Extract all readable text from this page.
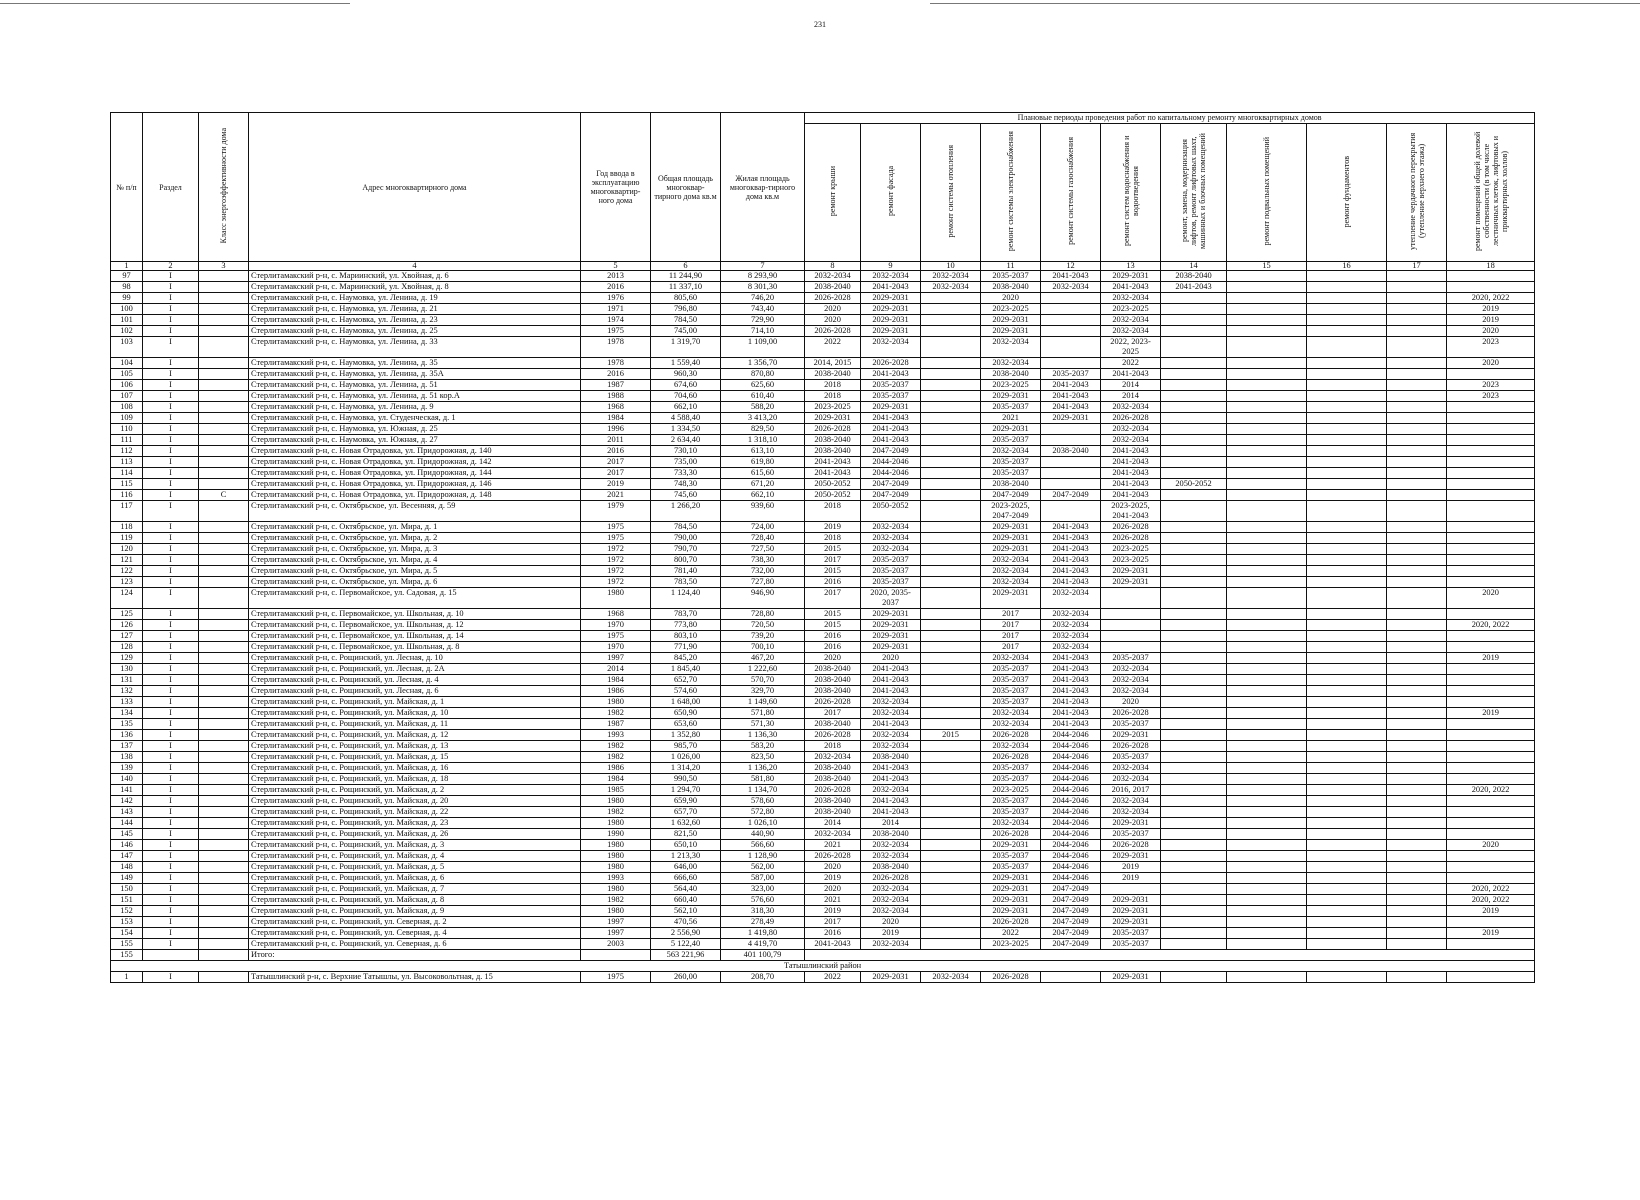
231
№ п/п	Раздел	Класс энергоэффективности дома	Адрес многоквартирного дома	Год ввода в эксплуатацию многоквартир-ного дома	Общая площадь многоквар-тирного дома кв.м	Жилая площадь многоквар-тирного дома кв.м	Плановые периоды проведения работ по капитальному ремонту многоквартирных домов										
							ремонт крыши	ремонт фасада	ремонт системы отопления	ремонт системы электроснабжения	ремонт системы газоснабжения	ремонт систем водоснабжения и водоотведения	ремонт, замена, модернизация лифтов, ремонт лифтовых шахт, машинных и блочных помещений	ремонт подвальных помещений	ремонт фундаментов	утепление чердачного перекрытия (утепление верхнего этажа)	ремонт помещений общей долевой собственности (в том числе лестничных клеток, лифтовых и приквартирных холлов)
1	2	3	4	5	6	7	8	9	10	11	12	13	14	15	16	17	18
97	I		Стерлитамакский р-н, с. Мариинский, ул. Хвойная, д. 6	2013	11 244,90	8 293,90	2032-2034	2032-2034	2032-2034	2035-2037	2041-2043	2029-2031	2038-2040				
98	I		Стерлитамакский р-н, с. Мариинский, ул. Хвойная, д. 8	2016	11 337,10	8 301,30	2038-2040	2041-2043	2032-2034	2038-2040	2032-2034	2041-2043	2041-2043				
99	I		Стерлитамакский р-н, с. Наумовка, ул. Ленина, д. 19	1976	805,60	746,20	2026-2028	2029-2031		2020		2032-2034					2020, 2022
100	I		Стерлитамакский р-н, с. Наумовка, ул. Ленина, д. 21	1971	796,80	743,40	2020	2029-2031		2023-2025		2023-2025					2019
101	I		Стерлитамакский р-н, с. Наумовка, ул. Ленина, д. 23	1974	784,50	729,90	2020	2029-2031		2029-2031		2032-2034					2019
102	I		Стерлитамакский р-н, с. Наумовка, ул. Ленина, д. 25	1975	745,00	714,10	2026-2028	2029-2031		2029-2031		2032-2034					2020
103	I		Стерлитамакский р-н, с. Наумовка, ул. Ленина, д. 33	1978	1 319,70	1 109,00	2022	2032-2034		2032-2034		2022, 2023-2025					2023
104	I		Стерлитамакский р-н, с. Наумовка, ул. Ленина, д. 35	1978	1 559,40	1 356,70	2014, 2015	2026-2028		2032-2034		2022					2020
105	I		Стерлитамакский р-н, с. Наумовка, ул. Ленина, д. 35А	2016	960,30	870,80	2038-2040	2041-2043		2038-2040	2035-2037	2041-2043					
106	I		Стерлитамакский р-н, с. Наумовка, ул. Ленина, д. 51	1987	674,60	625,60	2018	2035-2037		2023-2025	2041-2043	2014					2023
107	I		Стерлитамакский р-н, с. Наумовка, ул. Ленина, д. 51 кор.А	1988	704,60	610,40	2018	2035-2037		2029-2031	2041-2043	2014					2023
108	I		Стерлитамакский р-н, с. Наумовка, ул. Ленина, д. 9	1968	662,10	588,20	2023-2025	2029-2031		2035-2037	2041-2043	2032-2034					
109	I		Стерлитамакский р-н, с. Наумовка, ул. Студенческая, д. 1	1984	4 588,40	3 413,20	2029-2031	2041-2043		2021	2029-2031	2026-2028					
110	I		Стерлитамакский р-н, с. Наумовка, ул. Южная, д. 25	1996	1 334,50	829,50	2026-2028	2041-2043		2029-2031		2032-2034					
111	I		Стерлитамакский р-н, с. Наумовка, ул. Южная, д. 27	2011	2 634,40	1 318,10	2038-2040	2041-2043		2035-2037		2032-2034					
112	I		Стерлитамакский р-н, с. Новая Отрадовка, ул. Придорожная, д. 140	2016	730,10	613,10	2038-2040	2047-2049		2032-2034	2038-2040	2041-2043					
113	I		Стерлитамакский р-н, с. Новая Отрадовка, ул. Придорожная, д. 142	2017	735,00	619,80	2041-2043	2044-2046		2035-2037		2041-2043					
114	I		Стерлитамакский р-н, с. Новая Отрадовка, ул. Придорожная, д. 144	2017	733,30	615,60	2041-2043	2044-2046		2035-2037		2041-2043					
115	I		Стерлитамакский р-н, с. Новая Отрадовка, ул. Придорожная, д. 146	2019	748,30	671,20	2050-2052	2047-2049		2038-2040		2041-2043	2050-2052				
116	I	C	Стерлитамакский р-н, с. Новая Отрадовка, ул. Придорожная, д. 148	2021	745,60	662,10	2050-2052	2047-2049		2047-2049	2047-2049	2041-2043					
117	I		Стерлитамакский р-н, с. Октябрьское, ул. Весенняя, д. 59	1979	1 266,20	939,60	2018	2050-2052		2023-2025, 2047-2049		2023-2025, 2041-2043					
118	I		Стерлитамакский р-н, с. Октябрьское, ул. Мира, д. 1	1975	784,50	724,00	2019	2032-2034		2029-2031	2041-2043	2026-2028					
119	I		Стерлитамакский р-н, с. Октябрьское, ул. Мира, д. 2	1975	790,00	728,40	2018	2032-2034		2029-2031	2041-2043	2026-2028					
120	I		Стерлитамакский р-н, с. Октябрьское, ул. Мира, д. 3	1972	790,70	727,50	2015	2032-2034		2029-2031	2041-2043	2023-2025					
121	I		Стерлитамакский р-н, с. Октябрьское, ул. Мира, д. 4	1972	800,70	738,30	2017	2035-2037		2032-2034	2041-2043	2023-2025					
122	I		Стерлитамакский р-н, с. Октябрьское, ул. Мира, д. 5	1972	781,40	732,00	2015	2035-2037		2032-2034	2041-2043	2029-2031					
123	I		Стерлитамакский р-н, с. Октябрьское, ул. Мира, д. 6	1972	783,50	727,80	2016	2035-2037		2032-2034	2041-2043	2029-2031					
124	I		Стерлитамакский р-н, с. Первомайское, ул. Садовая, д. 15	1980	1 124,40	946,90	2017	2020, 2035-2037		2029-2031	2032-2034						2020
125	I		Стерлитамакский р-н, с. Первомайское, ул. Школьная, д. 10	1968	783,70	728,80	2015	2029-2031		2017	2032-2034						
126	I		Стерлитамакский р-н, с. Первомайское, ул. Школьная, д. 12	1970	773,80	720,50	2015	2029-2031		2017	2032-2034						2020, 2022
127	I		Стерлитамакский р-н, с. Первомайское, ул. Школьная, д. 14	1975	803,10	739,20	2016	2029-2031		2017	2032-2034						
128	I		Стерлитамакский р-н, с. Первомайское, ул. Школьная, д. 8	1970	771,90	700,10	2016	2029-2031		2017	2032-2034						
129	I		Стерлитамакский р-н, с. Рощинский, ул. Лесная, д. 10	1997	845,20	467,20	2020	2020		2032-2034	2041-2043	2035-2037					2019
130	I		Стерлитамакский р-н, с. Рощинский, ул. Лесная, д. 2А	2014	1 845,40	1 222,60	2038-2040	2041-2043		2035-2037	2041-2043	2032-2034					
131	I		Стерлитамакский р-н, с. Рощинский, ул. Лесная, д. 4	1984	652,70	570,70	2038-2040	2041-2043		2035-2037	2041-2043	2032-2034					
132	I		Стерлитамакский р-н, с. Рощинский, ул. Лесная, д. 6	1986	574,60	329,70	2038-2040	2041-2043		2035-2037	2041-2043	2032-2034					
133	I		Стерлитамакский р-н, с. Рощинский, ул. Майская, д. 1	1980	1 648,00	1 149,60	2026-2028	2032-2034		2035-2037	2041-2043	2020					
134	I		Стерлитамакский р-н, с. Рощинский, ул. Майская, д. 10	1982	650,90	571,80	2017	2032-2034		2032-2034	2041-2043	2026-2028					2019
135	I		Стерлитамакский р-н, с. Рощинский, ул. Майская, д. 11	1987	653,60	571,30	2038-2040	2041-2043		2032-2034	2041-2043	2035-2037					
136	I		Стерлитамакский р-н, с. Рощинский, ул. Майская, д. 12	1993	1 352,80	1 136,30	2026-2028	2032-2034	2015	2026-2028	2044-2046	2029-2031					
137	I		Стерлитамакский р-н, с. Рощинский, ул. Майская, д. 13	1982	985,70	583,20	2018	2032-2034		2032-2034	2044-2046	2026-2028					
138	I		Стерлитамакский р-н, с. Рощинский, ул. Майская, д. 15	1982	1 026,00	823,50	2032-2034	2038-2040		2026-2028	2044-2046	2035-2037					
139	I		Стерлитамакский р-н, с. Рощинский, ул. Майская, д. 16	1986	1 314,20	1 136,20	2038-2040	2041-2043		2035-2037	2044-2046	2032-2034					
140	I		Стерлитамакский р-н, с. Рощинский, ул. Майская, д. 18	1984	990,50	581,80	2038-2040	2041-2043		2035-2037	2044-2046	2032-2034					
141	I		Стерлитамакский р-н, с. Рощинский, ул. Майская, д. 2	1985	1 294,70	1 134,70	2026-2028	2032-2034		2023-2025	2044-2046	2016, 2017					2020, 2022
142	I		Стерлитамакский р-н, с. Рощинский, ул. Майская, д. 20	1980	659,90	578,60	2038-2040	2041-2043		2035-2037	2044-2046	2032-2034					
143	I		Стерлитамакский р-н, с. Рощинский, ул. Майская, д. 22	1982	657,70	572,80	2038-2040	2041-2043		2035-2037	2044-2046	2032-2034					
144	I		Стерлитамакский р-н, с. Рощинский, ул. Майская, д. 23	1980	1 632,60	1 026,10	2014	2014		2032-2034	2044-2046	2029-2031					
145	I		Стерлитамакский р-н, с. Рощинский, ул. Майская, д. 26	1990	821,50	440,90	2032-2034	2038-2040		2026-2028	2044-2046	2035-2037					
146	I		Стерлитамакский р-н, с. Рощинский, ул. Майская, д. 3	1980	650,10	566,60	2021	2032-2034		2029-2031	2044-2046	2026-2028					2020
147	I		Стерлитамакский р-н, с. Рощинский, ул. Майская, д. 4	1980	1 213,30	1 128,90	2026-2028	2032-2034		2035-2037	2044-2046	2029-2031					
148	I		Стерлитамакский р-н, с. Рощинский, ул. Майская, д. 5	1980	646,00	562,00	2020	2038-2040		2035-2037	2044-2046	2019					
149	I		Стерлитамакский р-н, с. Рощинский, ул. Майская, д. 6	1993	666,60	587,00	2019	2026-2028		2029-2031	2044-2046	2019					
150	I		Стерлитамакский р-н, с. Рощинский, ул. Майская, д. 7	1980	564,40	323,00	2020	2032-2034		2029-2031	2047-2049						2020, 2022
151	I		Стерлитамакский р-н, с. Рощинский, ул. Майская, д. 8	1982	660,40	576,60	2021	2032-2034		2029-2031	2047-2049	2029-2031					2020, 2022
152	I		Стерлитамакский р-н, с. Рощинский, ул. Майская, д. 9	1980	562,10	318,30	2019	2032-2034		2029-2031	2047-2049	2029-2031					2019
153	I		Стерлитамакский р-н, с. Рощинский, ул. Северная, д. 2	1997	470,56	278,49	2017	2020		2026-2028	2047-2049	2029-2031					
154	I		Стерлитамакский р-н, с. Рощинский, ул. Северная, д. 4	1997	2 556,90	1 419,80	2016	2019		2022	2047-2049	2035-2037					2019
155	I		Стерлитамакский р-н, с. Рощинский, ул. Северная, д. 6	2003	5 122,40	4 419,70	2041-2043	2032-2034		2023-2025	2047-2049	2035-2037					
155			Итого:		563 221,96	401 100,79											
Татышлинский район																	
1	I		Татышлинский р-н, с. Верхние Татышлы, ул. Высоковольтная, д. 15	1975	260,00	208,70	2022	2029-2031	2032-2034	2026-2028		2029-2031					
